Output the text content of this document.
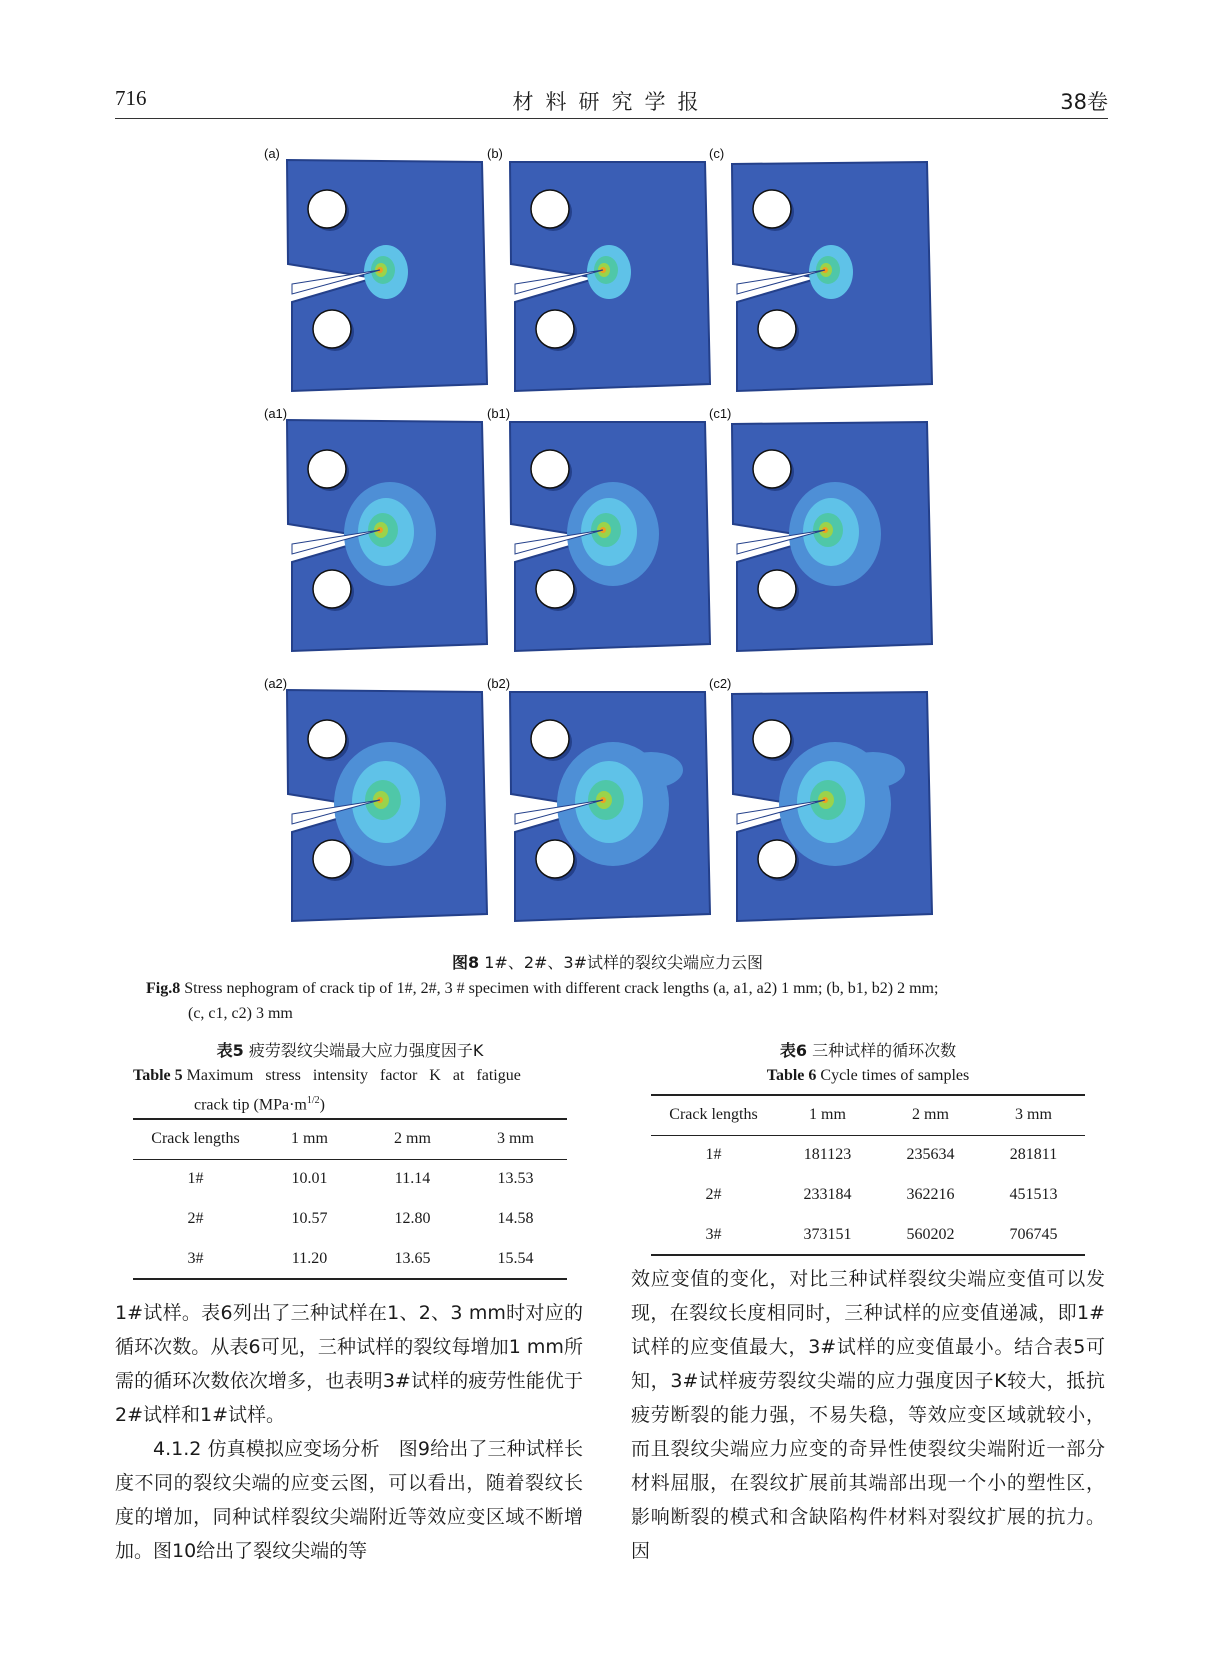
716	材料研究学报	38卷
(a)	(b)	(c)
(a1)	(b1)	(c1)
(a2)	(b2)	(c2)
图8 1#、2#、3#试样的裂纹尖端应力云图
Fig.8 Stress nephogram of crack tip of 1#, 2#, 3 # specimen with different crack lengths (a, a1, a2) 1 mm; (b, b1, b2) 2 mm;
(c, c1, c2) 3 mm
表5 疲劳裂纹尖端最大应力强度因子K
Table 5 Maximum   stress   intensity   factor   K   at   fatigue
crack tip $(MPa\cdot m^{1/2})$
Crack lengths	1 mm	2 mm	3 mm
1#	10.01	11.14	13.53
2#	10.57	12.80	14.58
3#	11.20	13.65	15.54
表6 三种试样的循环次数
Table 6 Cycle times of samples
Crack lengths	1 mm	2 mm	3 mm
1#	181123	235634	281811
2#	233184	362216	451513
3#	373151	560202	706745

1#试样。表6列出了三种试样在1、2、3 mm时对应的循环次数。从表6可见，三种试样的裂纹每增加1 mm所需的循环次数依次增多，也表明3#试样的疲劳性能优于2#试样和1#试样。

4.1.2 仿真模拟应变场分析　图9给出了三种试样长度不同的裂纹尖端的应变云图，可以看出，随着裂纹长度的增加，同种试样裂纹尖端附近等效应变区域不断增加。图10给出了裂纹尖端的等

效应变值的变化，对比三种试样裂纹尖端应变值可以发现，在裂纹长度相同时，三种试样的应变值递减，即1#试样的应变值最大，3#试样的应变值最小。结合表5可知，3#试样疲劳裂纹尖端的应力强度因子K较大，抵抗疲劳断裂的能力强，不易失稳，等效应变区域就较小，而且裂纹尖端应力应变的奇异性使裂纹尖端附近一部分材料屈服，在裂纹扩展前其端部出现一个小的塑性区，影响断裂的模式和含缺陷构件材料对裂纹扩展的抗力。因
